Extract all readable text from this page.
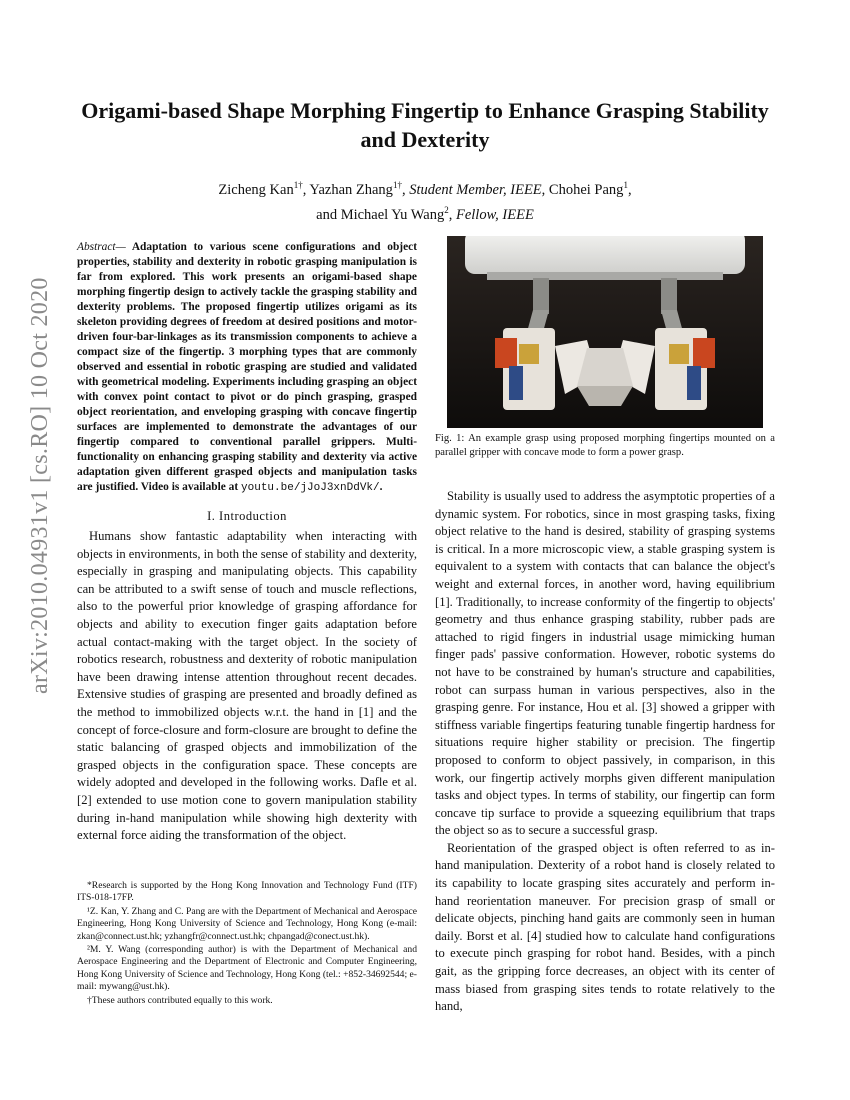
arXiv:2010.04931v1 [cs.RO] 10 Oct 2020
Origami-based Shape Morphing Fingertip to Enhance Grasping Stability and Dexterity
Zicheng Kan$^{1\dagger}$, Yazhan Zhang$^{1\dagger}$, Student Member, IEEE, Chohei Pang$^1$,
and Michael Yu Wang$^2$, Fellow, IEEE

Abstract— Adaptation to various scene configurations and object properties, stability and dexterity in robotic grasping manipulation is far from explored. This work presents an origami-based shape morphing fingertip design to actively tackle the grasping stability and dexterity problems. The proposed fingertip utilizes origami as its skeleton providing degrees of freedom at desired positions and motor-driven four-bar-linkages as its transmission components to achieve a compact size of the fingertip. 3 morphing types that are commonly observed and essential in robotic grasping are studied and validated with geometrical modeling. Experiments including grasping an object with convex point contact to pivot or do pinch grasping, grasped object reorientation, and enveloping grasping with concave fingertip surfaces are implemented to demonstrate the advantages of our fingertip compared to conventional parallel grippers. Multi-functionality on enhancing grasping stability and dexterity via active adaptation given different grasped objects and manipulation tasks are justified. Video is available at youtu.be/jJoJ3xnDdVk/.

I. Introduction

Humans show fantastic adaptability when interacting with objects in environments, in both the sense of stability and dexterity, especially in grasping and manipulating objects. This capability can be attributed to a swift sense of touch and muscle reflections, also to the powerful prior knowledge of grasping affordance for objects and ability to execution finger gaits adaptation before actual contact-making with the target object. In the society of robotics research, robustness and dexterity of robotic manipulation have been drawing intense attention throughout recent decades. Extensive studies of grasping are presented and broadly defined as the method to immobilized objects w.r.t. the hand in [1] and the concept of force-closure and form-closure are brought to define the static balancing of grasped objects and immobilization of the grasped objects in the configuration space. These concepts are widely adopted and developed in the following works. Dafle et al. [2] extended to use motion cone to govern manipulation stability during in-hand manipulation while showing high dexterity with external force aiding the transformation of the object.

*Research is supported by the Hong Kong Innovation and Technology Fund (ITF) ITS-018-17FP.

¹Z. Kan, Y. Zhang and C. Pang are with the Department of Mechanical and Aerospace Engineering, Hong Kong University of Science and Technology, Hong Kong (e-mail: zkan@connect.ust.hk; yzhangfr@connect.ust.hk; chpangad@conect.ust.hk).

²M. Y. Wang (corresponding author) is with the Department of Mechanical and Aerospace Engineering and the Department of Electronic and Computer Engineering, Hong Kong University of Science and Technology, Hong Kong (tel.: +852-34692544; e-mail: mywang@ust.hk).

†These authors contributed equally to this work.

Fig. 1: An example grasp using proposed morphing fingertips mounted on a parallel gripper with concave mode to form a power grasp.

Stability is usually used to address the asymptotic properties of a dynamic system. For robotics, since in most grasping tasks, fixing object relative to the hand is desired, stability of grasping systems is critical. In a more microscopic view, a stable grasping system is equivalent to a system with contacts that can balance the object's weight and external forces, in another word, having equilibrium [1]. Traditionally, to increase conformity of the fingertip to objects' geometry and thus enhance grasping stability, rubber pads are attached to rigid fingers in industrial usage mimicking human finger pads' passive conformation. However, robotic systems do not have to be constrained by human's structure and capabilities, robot can surpass human in various perspectives, also in the grasping genre. For instance, Hou et al. [3] showed a gripper with stiffness variable fingertips featuring tunable fingertip hardness for situations require higher stability or precision. The fingertip proposed to conform to object passively, in comparison, in this work, our fingertip actively morphs given different manipulation tasks and object types. In terms of stability, our fingertip can form concave tip surface to provide a squeezing equilibrium that traps the object so as to secure a successful grasp.

Reorientation of the grasped object is often referred to as in-hand manipulation. Dexterity of a robot hand is closely related to its capability to locate grasping sites accurately and perform in-hand reorientation maneuver. For precision grasp of small or delicate objects, pinching hand gaits are commonly seen in human daily. Borst et al. [4] studied how to calculate hand configurations to execute pinch grasping for robot hand. Besides, with a pinch gait, as the gripping force decreases, an object with its center of mass biased from grasping sites tends to rotate relatively to the hand,
